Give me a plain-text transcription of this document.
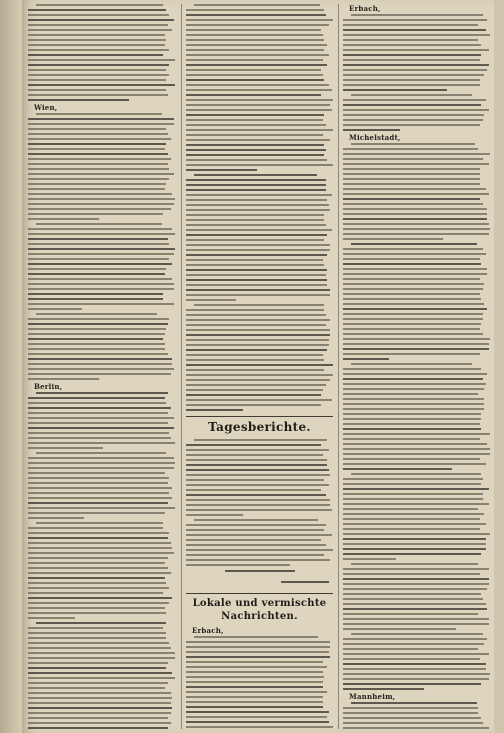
Wien,
Berlin,
Tagesberichte.
Lokale und vermischte Nachrichten.
Erbach,
Erbach,
Michelstadt,
Mannheim,
